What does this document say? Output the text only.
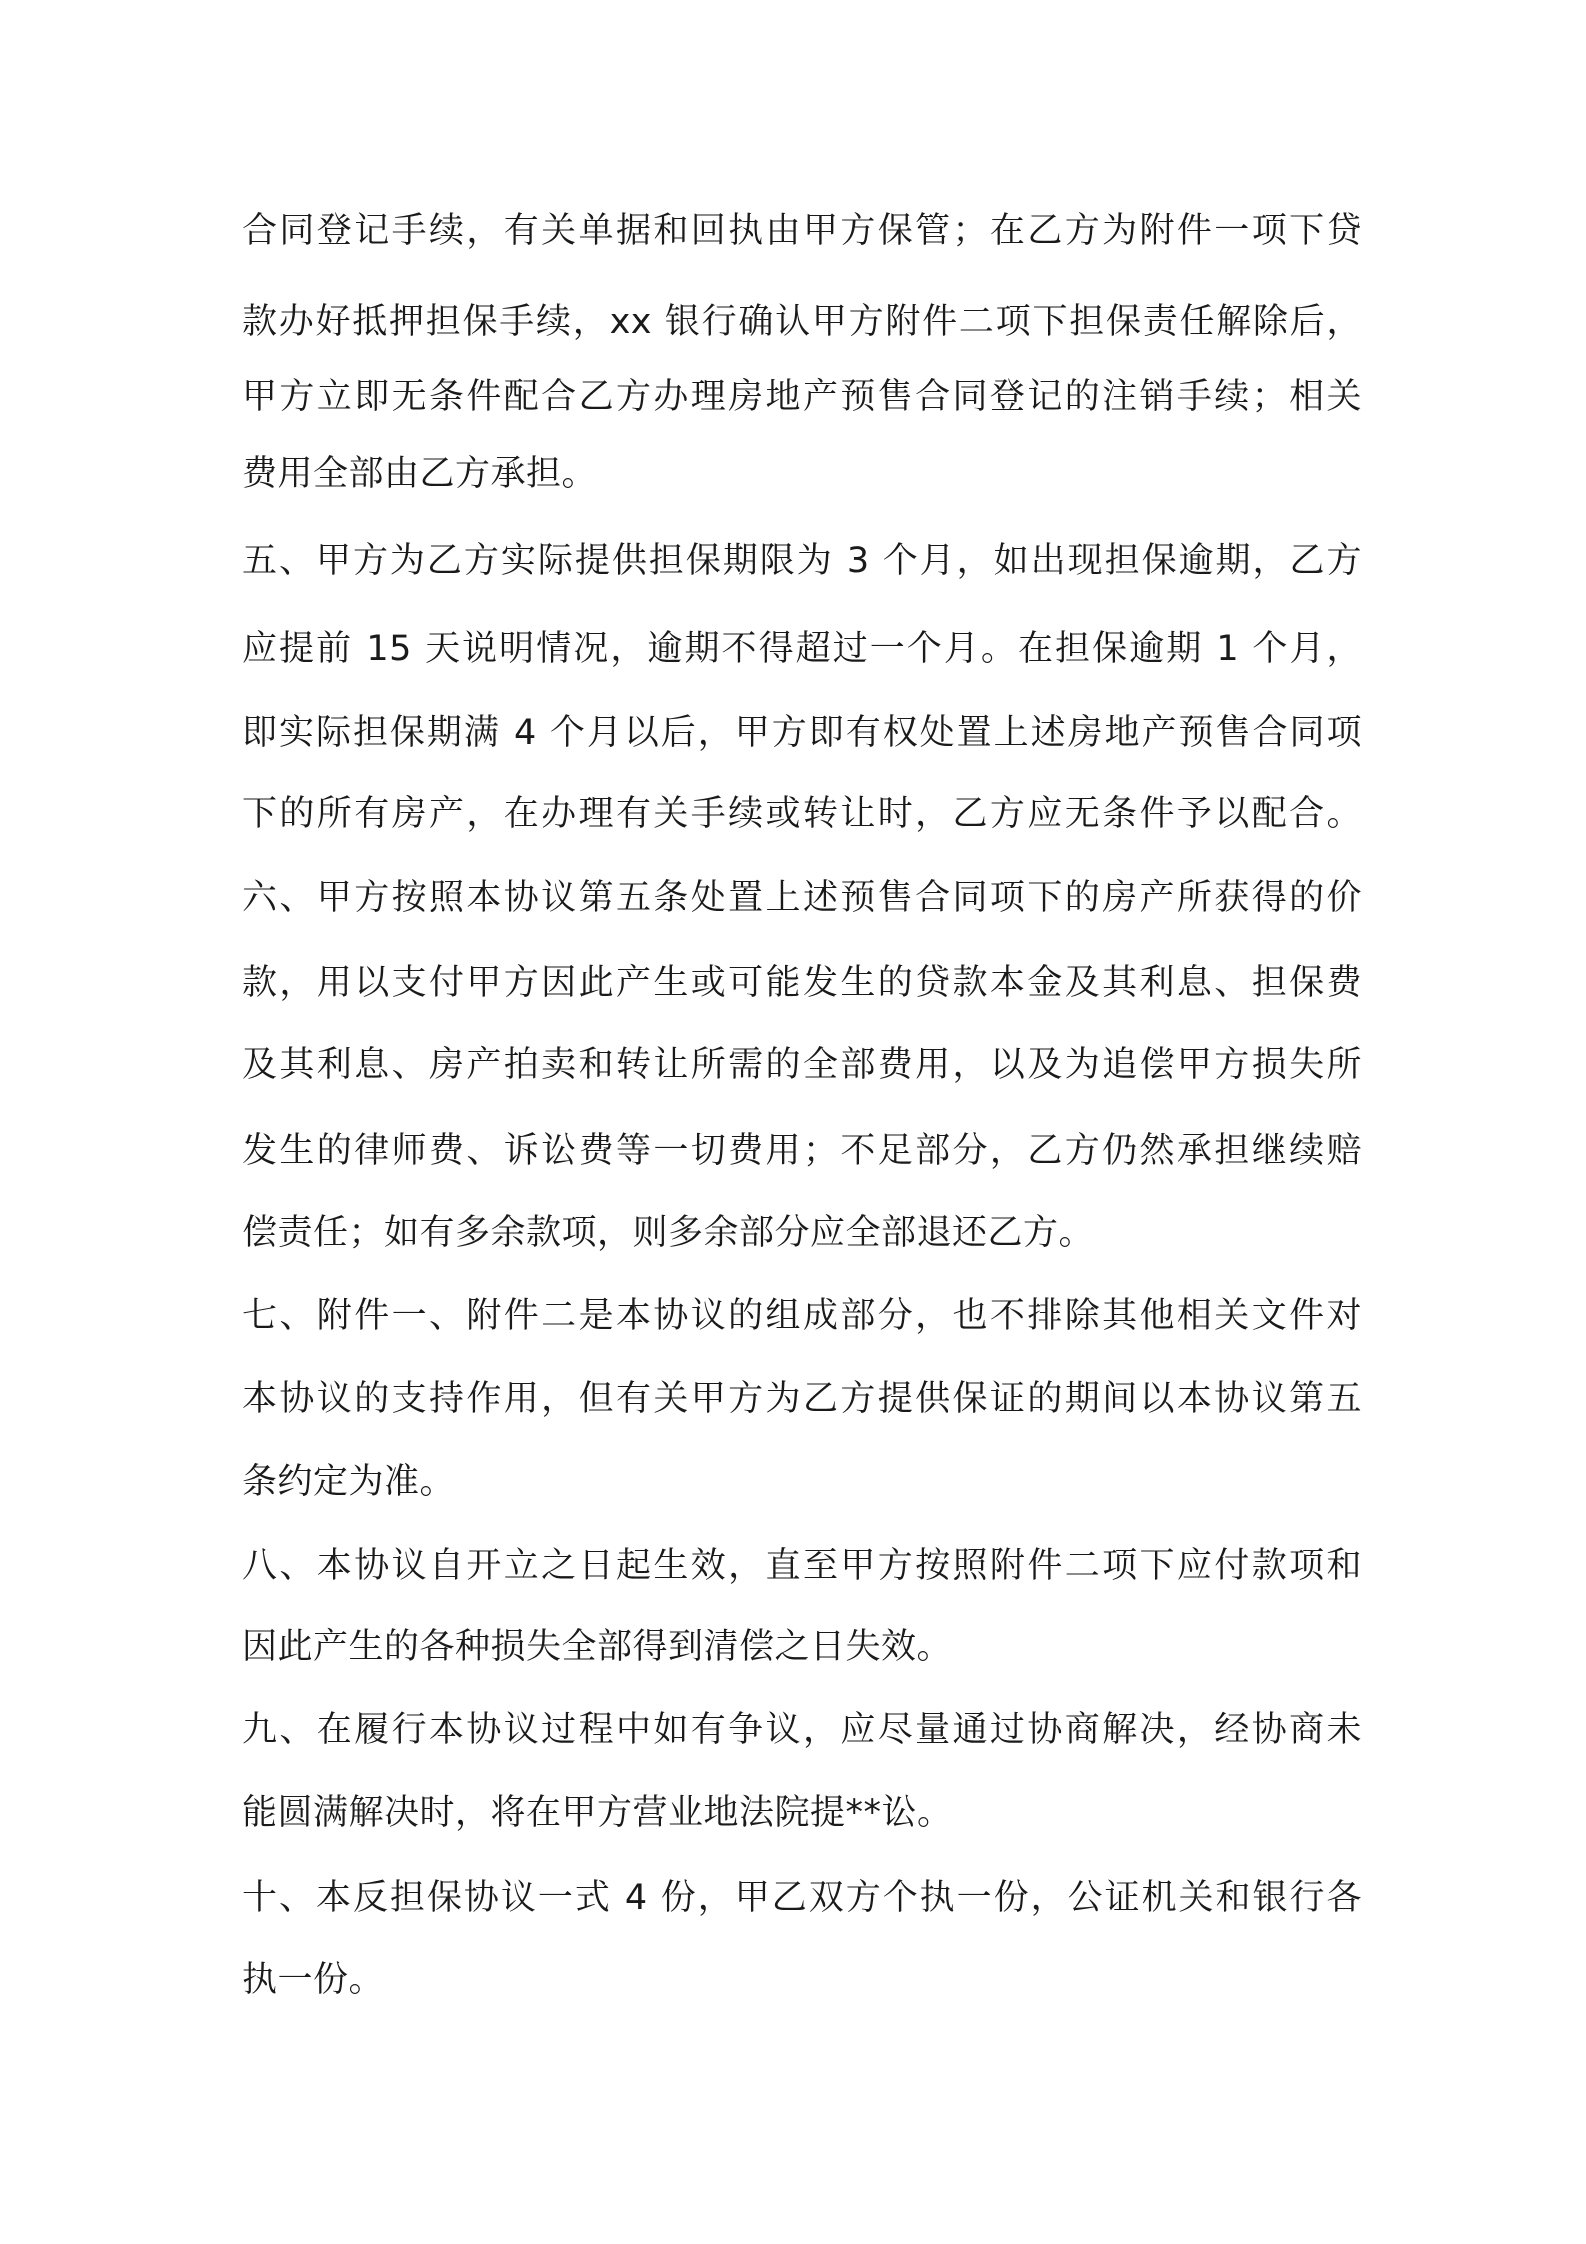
合同登记手续，有关单据和回执由甲方保管；在乙方为附件一项下贷
款办好抵押担保手续，xx 银行确认甲方附件二项下担保责任解除后，
甲方立即无条件配合乙方办理房地产预售合同登记的注销手续；相关
费用全部由乙方承担。
五、甲方为乙方实际提供担保期限为 3 个月，如出现担保逾期，乙方
应提前 15 天说明情况，逾期不得超过一个月。在担保逾期 1 个月，
即实际担保期满 4 个月以后，甲方即有权处置上述房地产预售合同项
下的所有房产，在办理有关手续或转让时，乙方应无条件予以配合。
六、甲方按照本协议第五条处置上述预售合同项下的房产所获得的价
款，用以支付甲方因此产生或可能发生的贷款本金及其利息、担保费
及其利息、房产拍卖和转让所需的全部费用，以及为追偿甲方损失所
发生的律师费、诉讼费等一切费用；不足部分，乙方仍然承担继续赔
偿责任；如有多余款项，则多余部分应全部退还乙方。
七、附件一、附件二是本协议的组成部分，也不排除其他相关文件对
本协议的支持作用，但有关甲方为乙方提供保证的期间以本协议第五
条约定为准。
八、本协议自开立之日起生效，直至甲方按照附件二项下应付款项和
因此产生的各种损失全部得到清偿之日失效。
九、在履行本协议过程中如有争议，应尽量通过协商解决，经协商未
能圆满解决时，将在甲方营业地法院提**讼。
十、本反担保协议一式 4 份，甲乙双方个执一份，公证机关和银行各
执一份。
